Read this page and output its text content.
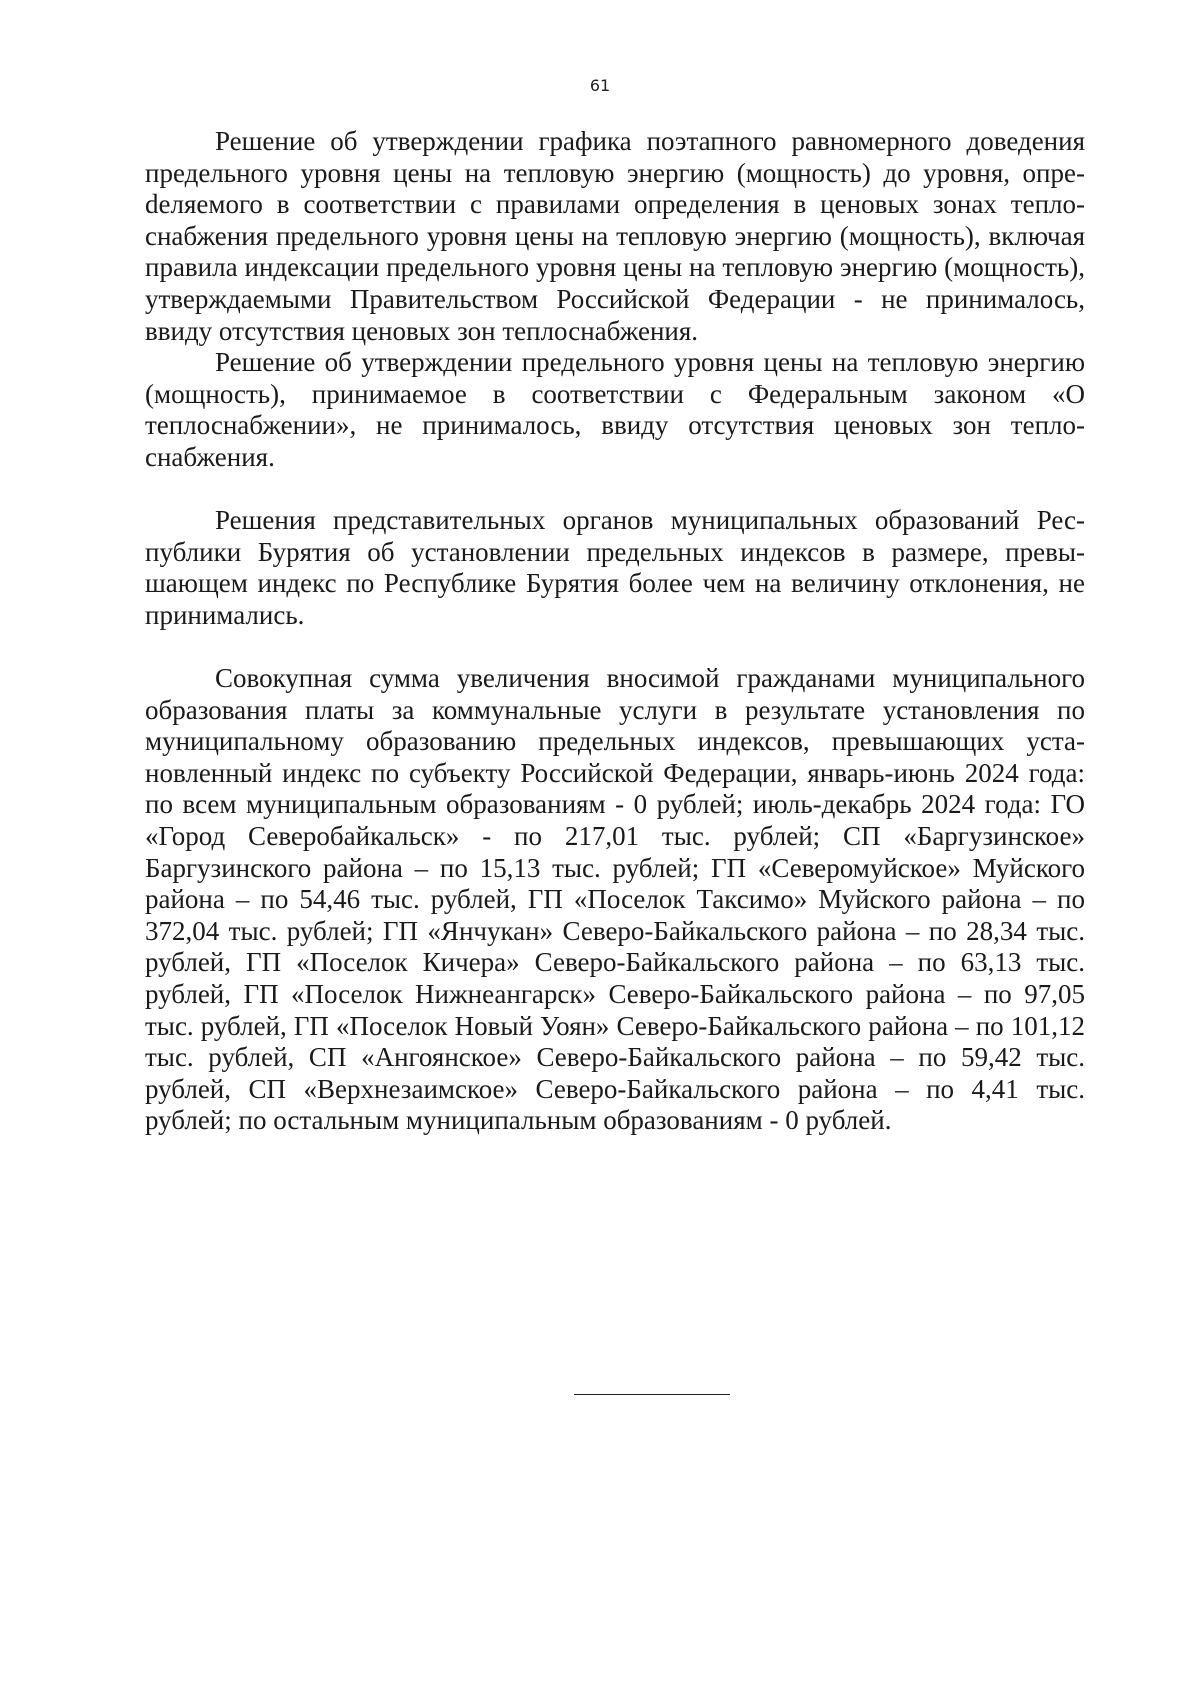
61

Решение об утверждении графика поэтапного равномерного доведения предельного уровня цены на тепловую энергию (мощность) до уровня, опреdеляемого в соответствии с правилами определения в ценовых зонах теплоснабжения предельного уровня цены на тепловую энергию (мощность), включая правила индексации предельного уровня цены на тепловую энергию (мощность), утверждаемыми Правительством Российской Федерации - не принималось, ввиду отсутствия ценовых зон теплоснабжения.

Решение об утверждении предельного уровня цены на тепловую энергию (мощность), принимаемое в соответствии с Федеральным законом «О теплоснабжении», не принималось, ввиду отсутствия ценовых зон теплоснабжения.

Решения представительных органов муниципальных образований Республики Бурятия об установлении предельных индексов в размере, превышающем индекс по Республике Бурятия более чем на величину отклонения, не принимались.

Совокупная сумма увеличения вносимой гражданами муниципального образования платы за коммунальные услуги в результате установления по муниципальному образованию предельных индексов, превышающих установленный индекс по субъекту Российской Федерации, январь-июнь 2024 года: по всем муниципальным образованиям - 0 рублей; июль-декабрь 2024 года: ГО «Город Северобайкальск» - по 217,01 тыс. рублей; СП «Баргузинское» Баргузинского района – по 15,13 тыс. рублей; ГП «Северомуйское» Муйского района – по 54,46 тыс. рублей, ГП «Поселок Таксимо» Муйского района – по 372,04 тыс. рублей; ГП «Янчукан» Северо-Байкальского района – по 28,34 тыс. рублей, ГП «Поселок Кичера» Северо-Байкальского района – по 63,13 тыс. рублей, ГП «Поселок Нижнеангарск» Северо-Байкальского района – по 97,05 тыс. рублей, ГП «Поселок Новый Уоян» Северо-Байкальского района – по 101,12 тыс. рублей, СП «Ангоянское» Северо-Байкальского района – по 59,42 тыс. рублей, СП «Верхнезаимское» Северо-Байкальского района – по 4,41 тыс. рублей; по остальным муниципальным образованиям - 0 рублей.
